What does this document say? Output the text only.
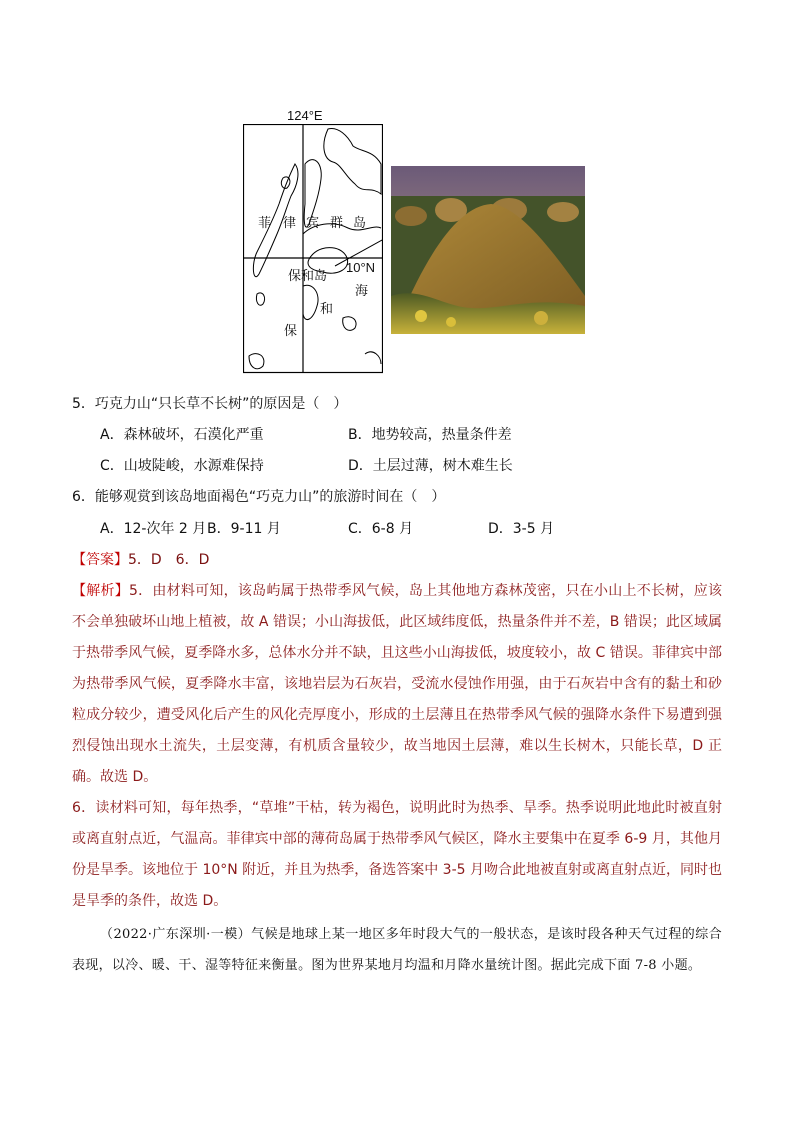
124°E
菲 律 宾 群 岛
10°N
保和岛
海
和
保
5．巧克力山“只长草不长树”的原因是（　）
A．森林破坏，石漠化严重	B．地势较高，热量条件差
C．山坡陡峻，水源难保持	D．土层过薄，树木难生长
6．能够观赏到该岛地面褐色“巧克力山”的旅游时间在（　）
A．12-次年 2 月 B．9-11 月	C．6-8 月	D．3-5 月
【答案】5．D　6．D

【解析】5．由材料可知，该岛屿属于热带季风气候，岛上其他地方森林茂密，只在小山上不长树，应该不会单独破坏山地上植被，故 A 错误；小山海拔低，此区域纬度低，热量条件并不差，B 错误；此区域属于热带季风气候，夏季降水多，总体水分并不缺，且这些小山海拔低，坡度较小，故 C 错误。菲律宾中部为热带季风气候，夏季降水丰富，该地岩层为石灰岩，受流水侵蚀作用强，由于石灰岩中含有的黏土和砂粒成分较少，遭受风化后产生的风化壳厚度小，形成的土层薄且在热带季风气候的强降水条件下易遭到强烈侵蚀出现水土流失，土层变薄，有机质含量较少，故当地因土层薄，难以生长树木，只能长草，D 正确。故选 D。

6．读材料可知，每年热季，“草堆”干枯，转为褐色，说明此时为热季、旱季。热季说明此地此时被直射或离直射点近，气温高。菲律宾中部的薄荷岛属于热带季风气候区，降水主要集中在夏季 6-9 月，其他月份是旱季。该地位于 10°N 附近，并且为热季，备选答案中 3-5 月吻合此地被直射或离直射点近，同时也是旱季的条件，故选 D。

（2022·广东深圳·一模）气候是地球上某一地区多年时段大气的一般状态，是该时段各种天气过程的综合表现，以冷、暖、干、湿等特征来衡量。图为世界某地月均温和月降水量统计图。据此完成下面 7-8 小题。
